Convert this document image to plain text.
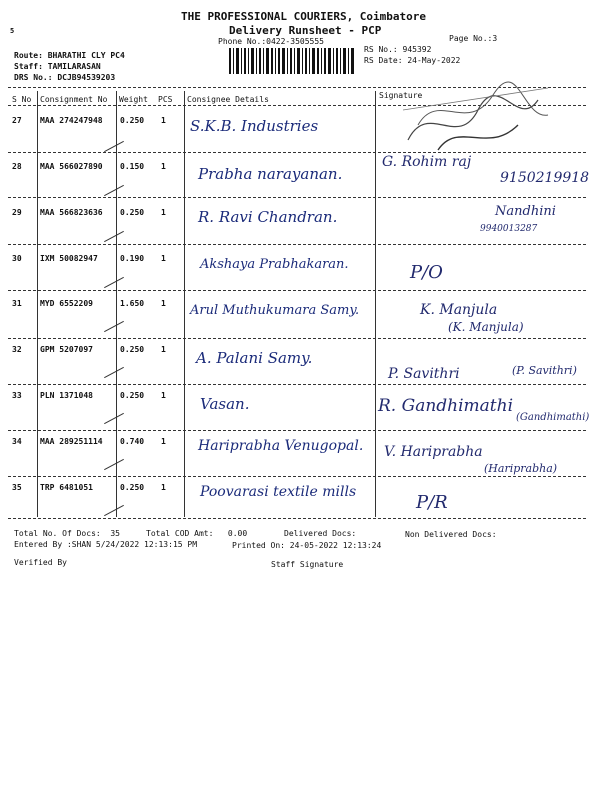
5
THE PROFESSIONAL COURIERS, Coimbatore
Delivery Runsheet - PCP
Phone No.:0422-3505555	Page No.:3
Route: BHARATHI CLY PC4
Staff: TAMILARASAN
DRS No.: DCJB94539203
RS No.: 945392
RS Date: 24-May-2022
S No Consignment No Weight PCS Consignee Details	Signature
27 MAA 274247948 0.250 1 S.K.B. Industries
28 MAA 566027890 0.150 1 Prabha narayanan.
G. Rohim raj
9150219918
29 MAA 566823636 0.250 1 R. Ravi Chandran.	Nandhini
9940013287
30 IXM 50082947	0.190 1	Akshaya Prabhakaran.	P/O
31 MYD 6552209	1.650 1 Arul Muthukumara Samy.	K. Manjula
(K. Manjula)
32 GPM 5207097	0.250 1 A. Palani Samy.
P. Savithri	(P. Savithri)
33 PLN 1371048	0.250 1 Vasan.	R. Gandhimathi
(Gandhimathi)
34 MAA 289251114 0.740 1 Hariprabha Venugopal. V. Hariprabha
(Hariprabha)
35 TRP 6481051	0.250 1 Poovarasi textile mills	P/R
Total No. Of Docs:  35	Total COD Amt:   0.00	Delivered Docs:	Non Delivered Docs:
Entered By :SHAN 5/24/2022 12:13:15 PM	Printed On: 24-05-2022 12:13:24
Verified By	Staff Signature
